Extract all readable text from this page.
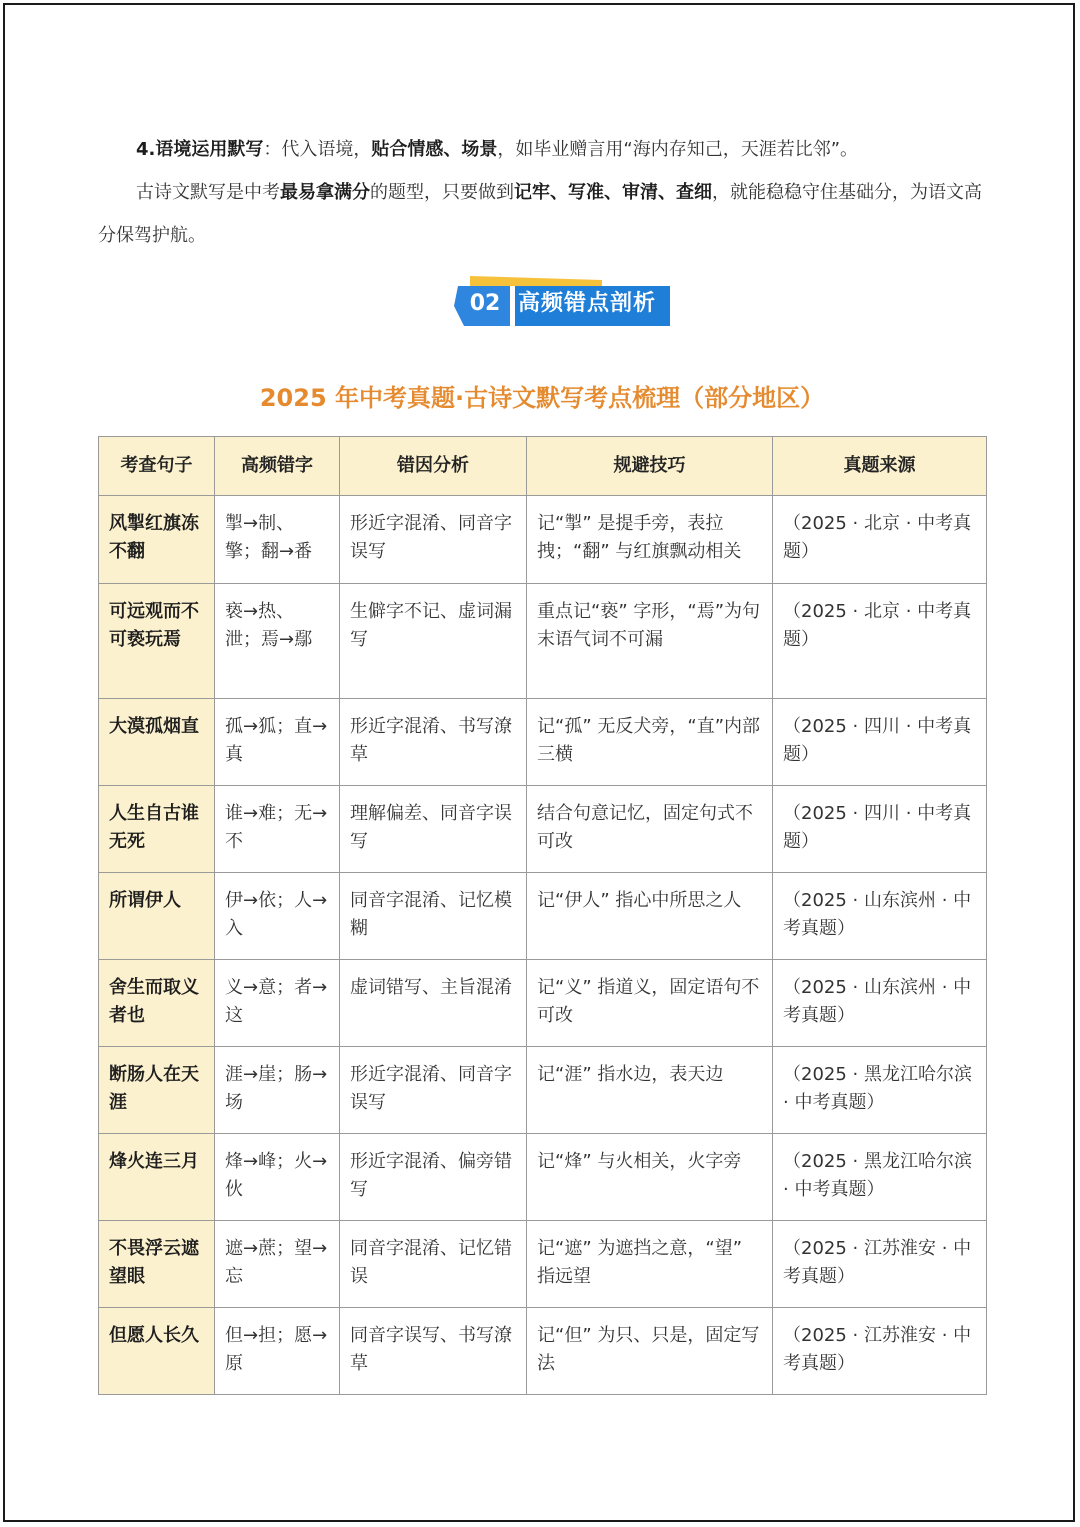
4.语境运用默写：代入语境，贴合情感、场景，如毕业赠言用“海内存知己，天涯若比邻”。

古诗文默写是中考最易拿满分的题型，只要做到记牢、写准、审清、查细，就能稳稳守住基础分，为语文高分保驾护航。

02 高频错点剖析
2025 年中考真题·古诗文默写考点梳理（部分地区）
考查句子	高频错字	错因分析	规避技巧	真题来源
风掣红旗冻不翻	掣→制、擎；翻→番	形近字混淆、同音字误写	记“掣” 是提手旁，表拉拽；“翻” 与红旗飘动相关	（2025 · 北京 · 中考真题）
可远观而不可亵玩焉	亵→热、泄；焉→鄢	生僻字不记、虚词漏写	重点记“亵” 字形，“焉”为句末语气词不可漏	（2025 · 北京 · 中考真题）
大漠孤烟直	孤→狐；直→真	形近字混淆、书写潦草	记“孤” 无反犬旁，“直”内部三横	（2025 · 四川 · 中考真题）
人生自古谁无死	谁→难；无→不	理解偏差、同音字误写	结合句意记忆，固定句式不可改	（2025 · 四川 · 中考真题）
所谓伊人	伊→依；人→入	同音字混淆、记忆模糊	记“伊人” 指心中所思之人	（2025 · 山东滨州 · 中考真题）
舍生而取义者也	义→意；者→这	虚词错写、主旨混淆	记“义” 指道义，固定语句不可改	（2025 · 山东滨州 · 中考真题）
断肠人在天涯	涯→崖；肠→场	形近字混淆、同音字误写	记“涯” 指水边，表天边	（2025 · 黑龙江哈尔滨 · 中考真题）
烽火连三月	烽→峰；火→伙	形近字混淆、偏旁错写	记“烽” 与火相关，火字旁	（2025 · 黑龙江哈尔滨 · 中考真题）
不畏浮云遮望眼	遮→蔗；望→忘	同音字混淆、记忆错误	记“遮” 为遮挡之意，“望” 指远望	（2025 · 江苏淮安 · 中考真题）
但愿人长久	但→担；愿→原	同音字误写、书写潦草	记“但” 为只、只是，固定写法	（2025 · 江苏淮安 · 中考真题）
